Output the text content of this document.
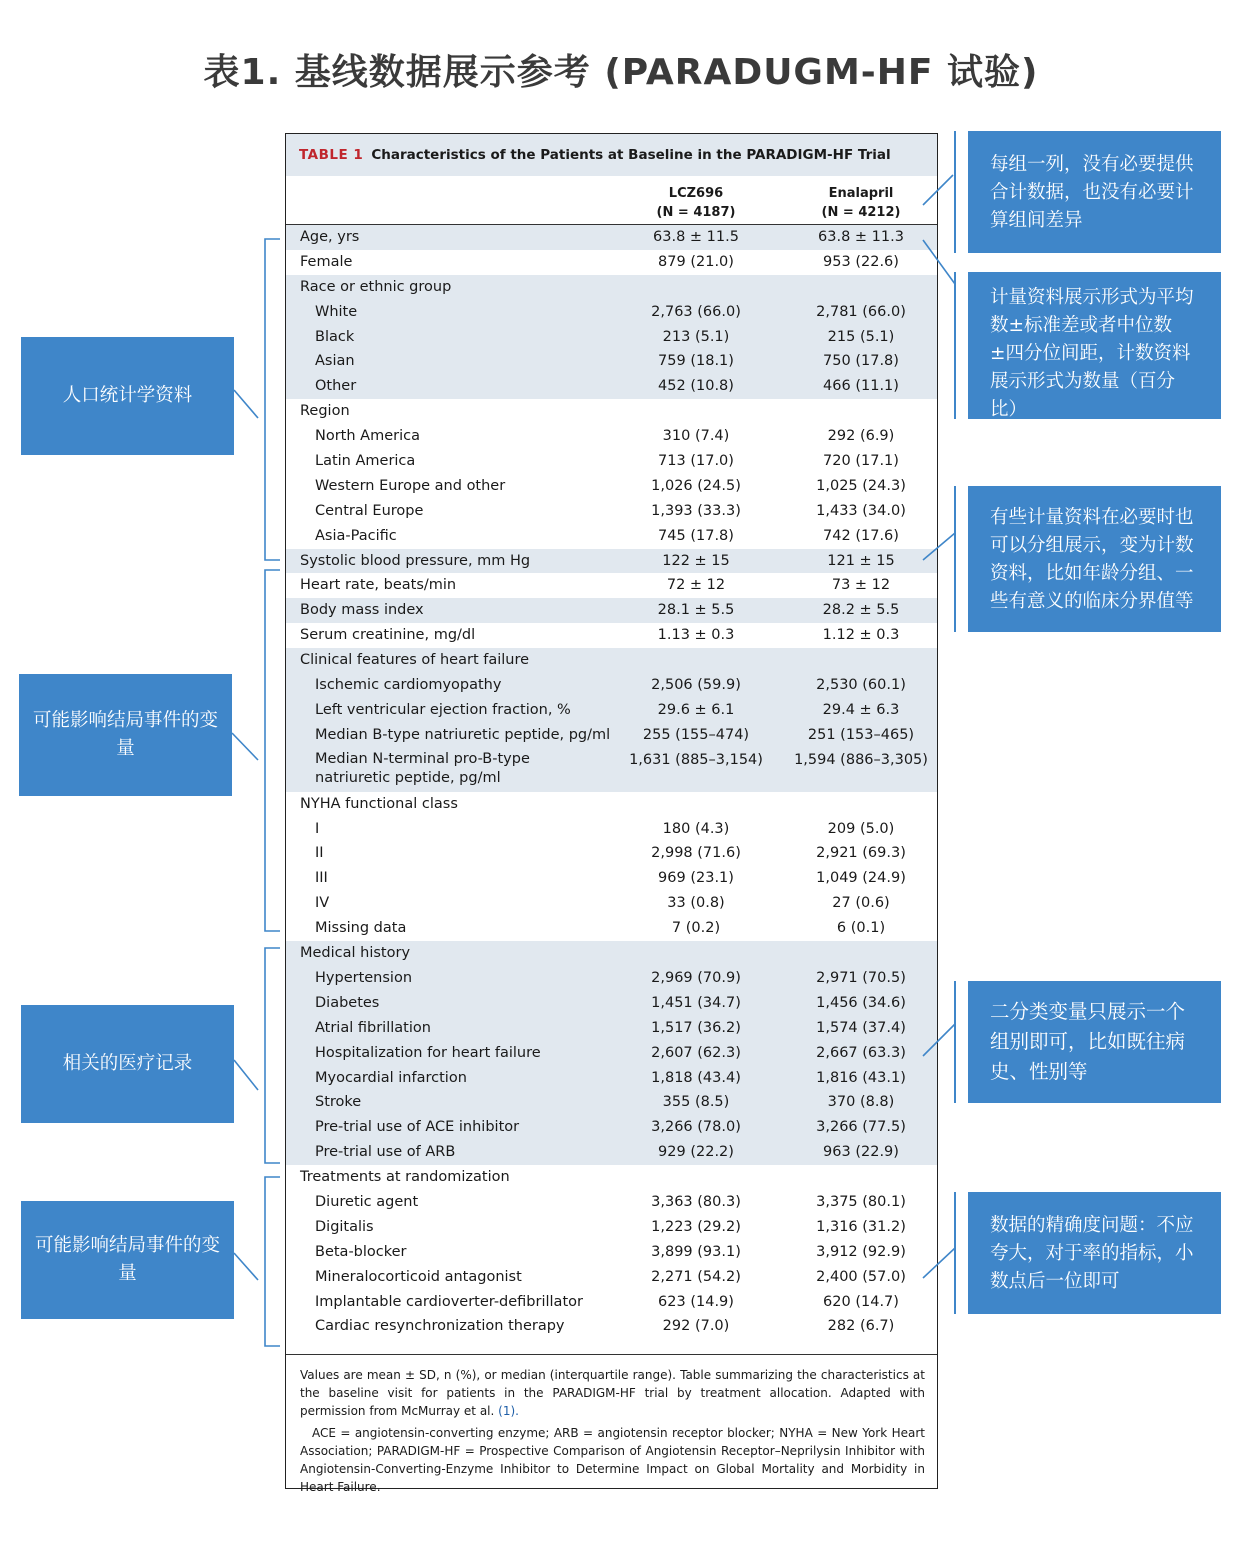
表1. 基线数据展示参考 (PARADUGM-HF 试验)
TABLE 1 Characteristics of the Patients at Baseline in the PARADIGM-HF Trial
LCZ696
(N = 4187)
Enalapril
(N = 4212)
Age, yrs	63.8 ± 11.5	63.8 ± 11.3
Female	879 (21.0)	953 (22.6)
Race or ethnic group
White	2,763 (66.0)	2,781 (66.0)
Black	213 (5.1)	215 (5.1)
Asian	759 (18.1)	750 (17.8)
Other	452 (10.8)	466 (11.1)
Region
North America	310 (7.4)	292 (6.9)
Latin America	713 (17.0)	720 (17.1)
Western Europe and other	1,026 (24.5)	1,025 (24.3)
Central Europe	1,393 (33.3)	1,433 (34.0)
Asia-Pacific	745 (17.8)	742 (17.6)
Systolic blood pressure, mm Hg	122 ± 15	121 ± 15
Heart rate, beats/min	72 ± 12	73 ± 12
Body mass index	28.1 ± 5.5	28.2 ± 5.5
Serum creatinine, mg/dl	1.13 ± 0.3	1.12 ± 0.3
Clinical features of heart failure
Ischemic cardiomyopathy	2,506 (59.9)	2,530 (60.1)
Left ventricular ejection fraction, %	29.6 ± 6.1	29.4 ± 6.3
Median B-type natriuretic peptide, pg/ml	255 (155–474)	251 (153–465)
Median N-terminal pro-B-type natriuretic peptide, pg/ml
1,631 (885–3,154)	1,594 (886–3,305)
NYHA functional class
I	180 (4.3)	209 (5.0)
II	2,998 (71.6)	2,921 (69.3)
III	969 (23.1)	1,049 (24.9)
IV	33 (0.8)	27 (0.6)
Missing data	7 (0.2)	6 (0.1)
Medical history
Hypertension	2,969 (70.9)	2,971 (70.5)
Diabetes	1,451 (34.7)	1,456 (34.6)
Atrial fibrillation	1,517 (36.2)	1,574 (37.4)
Hospitalization for heart failure	2,607 (62.3)	2,667 (63.3)
Myocardial infarction	1,818 (43.4)	1,816 (43.1)
Stroke	355 (8.5)	370 (8.8)
Pre-trial use of ACE inhibitor	3,266 (78.0)	3,266 (77.5)
Pre-trial use of ARB	929 (22.2)	963 (22.9)
Treatments at randomization
Diuretic agent	3,363 (80.3)	3,375 (80.1)
Digitalis	1,223 (29.2)	1,316 (31.2)
Beta-blocker	3,899 (93.1)	3,912 (92.9)
Mineralocorticoid antagonist	2,271 (54.2)	2,400 (57.0)
Implantable cardioverter-defibrillator	623 (14.9)	620 (14.7)
Cardiac resynchronization therapy	292 (7.0)	282 (6.7)

Values are mean ± SD, n (%), or median (interquartile range). Table summarizing the characteristics at the baseline visit for patients in the PARADIGM-HF trial by treatment allocation. Adapted with permission from McMurray et al. (1).

ACE = angiotensin-converting enzyme; ARB = angiotensin receptor blocker; NYHA = New York Heart Association; PARADIGM-HF = Prospective Comparison of Angiotensin Receptor–Neprilysin Inhibitor with Angiotensin-Converting-Enzyme Inhibitor to Determine Impact on Global Mortality and Morbidity in Heart Failure.

人口统计学资料
可能影响结局事件的变量
相关的医疗记录
可能影响结局事件的变量
每组一列，没有必要提供合计数据，也没有必要计算组间差异
计量资料展示形式为平均数±标准差或者中位数±四分位间距，计数资料展示形式为数量（百分比）
有些计量资料在必要时也可以分组展示，变为计数资料，比如年龄分组、一些有意义的临床分界值等
二分类变量只展示一个组别即可，比如既往病史、性别等
数据的精确度问题：不应夸大，对于率的指标，小数点后一位即可
